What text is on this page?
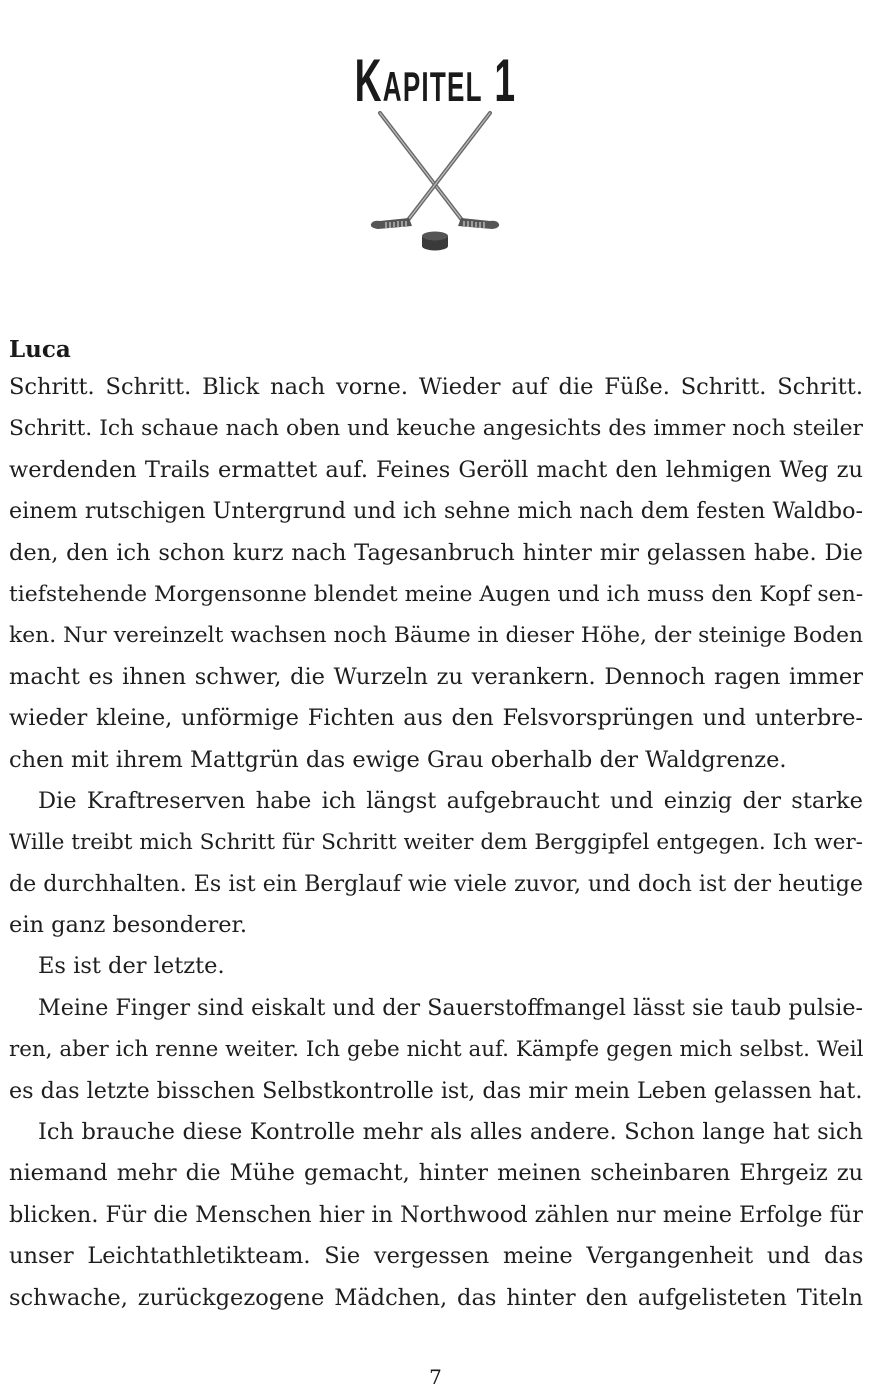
Kapitel 1
Luca
Schritt. Schritt. Blick nach vorne. Wieder auf die Füße. Schritt. Schritt.
Schritt. Ich schaue nach oben und keuche angesichts des immer noch steiler
werdenden Trails ermattet auf. Feines Geröll macht den lehmigen Weg zu
einem rutschigen Untergrund und ich sehne mich nach dem festen Waldbo-
den, den ich schon kurz nach Tagesanbruch hinter mir gelassen habe. Die
tiefstehende Morgensonne blendet meine Augen und ich muss den Kopf sen-
ken. Nur vereinzelt wachsen noch Bäume in dieser Höhe, der steinige Boden
macht es ihnen schwer, die Wurzeln zu verankern. Dennoch ragen immer
wieder kleine, unförmige Fichten aus den Felsvorsprüngen und unterbre-
chen mit ihrem Mattgrün das ewige Grau oberhalb der Waldgrenze.
Die Kraftreserven habe ich längst aufgebraucht und einzig der starke
Wille treibt mich Schritt für Schritt weiter dem Berggipfel entgegen. Ich wer-
de durchhalten. Es ist ein Berglauf wie viele zuvor, und doch ist der heutige
ein ganz besonderer.
Es ist der letzte.
Meine Finger sind eiskalt und der Sauerstoffmangel lässt sie taub pulsie-
ren, aber ich renne weiter. Ich gebe nicht auf. Kämpfe gegen mich selbst. Weil
es das letzte bisschen Selbstkontrolle ist, das mir mein Leben gelassen hat.
Ich brauche diese Kontrolle mehr als alles andere. Schon lange hat sich
niemand mehr die Mühe gemacht, hinter meinen scheinbaren Ehrgeiz zu
blicken. Für die Menschen hier in Northwood zählen nur meine Erfolge für
unser Leichtathletikteam. Sie vergessen meine Vergangenheit und das
schwache, zurückgezogene Mädchen, das hinter den aufgelisteten Titeln
7
